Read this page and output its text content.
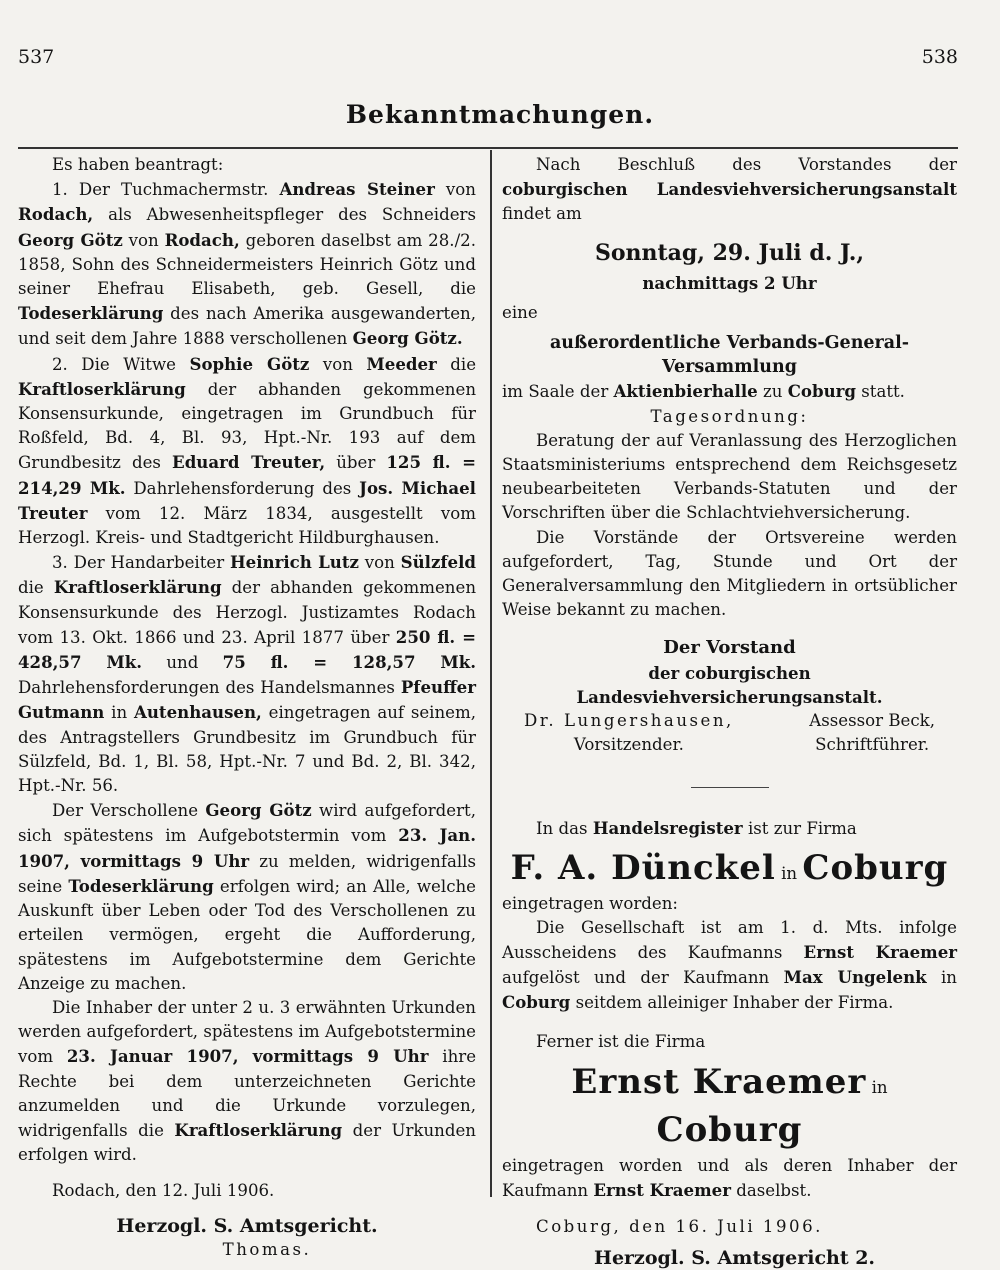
537	538
Bekanntmachungen.

Es haben beantragt:

1. Der Tuchmachermstr. Andreas Steiner von Rodach, als Abwesenheitspfleger des Schneiders Georg Götz von Rodach, geboren daselbst am 28./2. 1858, Sohn des Schneidermeisters Heinrich Götz und seiner Ehefrau Elisabeth, geb. Gesell, die Todeserklärung des nach Amerika ausgewanderten, und seit dem Jahre 1888 verschollenen Georg Götz.

2. Die Witwe Sophie Götz von Meeder die Kraftloserklärung der abhanden gekommenen Konsensurkunde, eingetragen im Grundbuch für Roßfeld, Bd. 4, Bl. 93, Hpt.-Nr. 193 auf dem Grundbesitz des Eduard Treuter, über 125 fl. = 214,29 Mk. Dahrlehensforderung des Jos. Michael Treuter vom 12. März 1834, ausgestellt vom Herzogl. Kreis- und Stadtgericht Hildburghausen.

3. Der Handarbeiter Heinrich Lutz von Sülzfeld die Kraftloserklärung der abhanden gekommenen Konsensurkunde des Herzogl. Justizamtes Rodach vom 13. Okt. 1866 und 23. April 1877 über 250 fl. = 428,57 Mk. und 75 fl. = 128,57 Mk. Dahrlehensforderungen des Handelsmannes Pfeuffer Gutmann in Autenhausen, eingetragen auf seinem, des Antragstellers Grundbesitz im Grundbuch für Sülzfeld, Bd. 1, Bl. 58, Hpt.-Nr. 7 und Bd. 2, Bl. 342, Hpt.-Nr. 56.

Der Verschollene Georg Götz wird aufgefordert, sich spätestens im Aufgebotstermin vom 23. Jan. 1907, vormittags 9 Uhr zu melden, widrigenfalls seine Todeserklärung erfolgen wird; an Alle, welche Auskunft über Leben oder Tod des Verschollenen zu erteilen vermögen, ergeht die Aufforderung, spätestens im Aufgebotstermine dem Gerichte Anzeige zu machen.

Die Inhaber der unter 2 u. 3 erwähnten Urkunden werden aufgefordert, spätestens im Aufgebotstermine vom 23. Januar 1907, vormittags 9 Uhr ihre Rechte bei dem unterzeichneten Gerichte anzumelden und die Urkunde vorzulegen, widrigenfalls die Kraftloserklärung der Urkunden erfolgen wird.

Rodach, den 12. Juli 1906.

Herzogl. S. Amtsgericht.

Thomas.

Nach Beschluß des Vorstandes der coburgischen Landesviehversicherungsanstalt findet am

Sonntag, 29. Juli d. J.,

nachmittags 2 Uhr

eine

außerordentliche Verbands-General-Versammlung

im Saale der Aktienbierhalle zu Coburg statt.

Tagesordnung:

Beratung der auf Veranlassung des Herzoglichen Staatsministeriums entsprechend dem Reichsgesetz neubearbeiteten Verbands-Statuten und der Vorschriften über die Schlachtviehversicherung.

Die Vorstände der Ortsvereine werden aufgefordert, Tag, Stunde und Ort der Generalversammlung den Mitgliedern in ortsüblicher Weise bekannt zu machen.

Der Vorstand

der coburgischen Landesviehversicherungsanstalt.

Dr. Lungershausen,
Vorsitzender.
Assessor Beck,
Schriftführer.

In das Handelsregister ist zur Firma

F. A. Dünckel in Coburg

eingetragen worden:

Die Gesellschaft ist am 1. d. Mts. infolge Ausscheidens des Kaufmanns Ernst Kraemer aufgelöst und der Kaufmann Max Ungelenk in Coburg seitdem alleiniger Inhaber der Firma.

Ferner ist die Firma

Ernst Kraemer in Coburg

eingetragen worden und als deren Inhaber der Kaufmann Ernst Kraemer daselbst.

Coburg, den 16. Juli 1906.

Herzogl. S. Amtsgericht 2.
